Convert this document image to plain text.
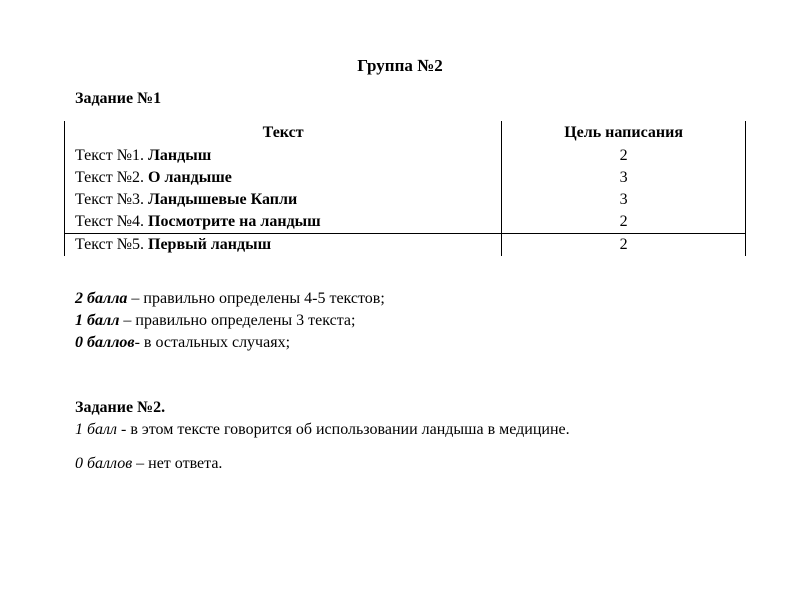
Группа №2
Задание №1
Текст	Цель написания
Текст №1. Ландыш	2
Текст №2. О ландыше	3
Текст №3. Ландышевые Капли	3
Текст №4. Посмотрите на ландыш	2
Текст №5. Первый ландыш	2
2 балла – правильно определены 4-5 текстов;
1 балл – правильно определены 3 текста;
0 баллов- в остальных случаях;
Задание №2.
1 балл - в этом тексте говорится об использовании ландыша в медицине.
0 баллов – нет ответа.
